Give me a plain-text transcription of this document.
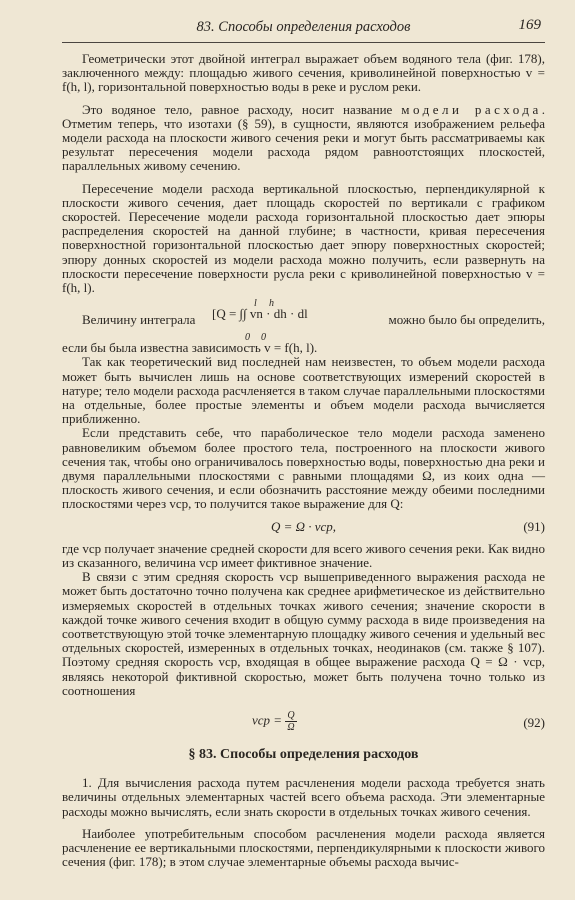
83. Способы определения расходов	169

Геометрически этот двойной интеграл выражает объем водяного тела (фиг. 178), заключенного между: площадью живого сечения, криволинейной поверхностью v = f(h, l), горизонтальной поверхностью воды в реке и руслом реки.

Это водяное тело, равное расходу, носит название модели расхода. Отметим теперь, что изотахи (§ 59), в сущности, являются изображением рельефа модели расхода на плоскости живого сечения реки и могут быть рассматриваемы как результат пересечения модели расхода рядом равноотстоящих плоскостей, параллельных живому сечению.

Пересечение модели расхода вертикальной плоскостью, перпендикулярной к плоскости живого сечения, дает площадь скоростей по вертикали с графиком скоростей. Пересечение модели расхода горизонтальной плоскостью дает эпюры распределения скоростей на данной глубине; в частности, кривая пересечения поверхностной горизонтальной плоскостью дает эпюру поверхностных скоростей; эпюру донных скоростей из модели расхода можно получить, если развернуть на плоскости пересечение поверхности русла реки с криволинейной поверхностью v = f(h, l).

Величину интеграла
l h
0 0
[Q = ∫∫ vn · dh · dl	можно было бы определить,

если бы была известна зависимость v = f(h, l).

Так как теоретический вид последней нам неизвестен, то объем модели расхода может быть вычислен лишь на основе соответствующих измерений скоростей в натуре; тело модели расхода расчленяется в таком случае параллельными плоскостями на отдельные, более простые элементы и объем модели расхода вычисляется приближенно.

Если представить себе, что параболическое тело модели расхода заменено равновеликим объемом более простого тела, построенного на плоскости живого сечения так, чтобы оно ограничивалось поверхностью воды, поверхностью дна реки и двумя параллельными плоскостями с равными площадями Ω, из коих одна — плоскость живого сечения, и если обозначить расстояние между обеими последними плоскостями через vср, то получится такое выражение для Q:

Q = Ω · vср,	(91)

где vср получает значение средней скорости для всего живого сечения реки. Как видно из сказанного, величина vср имеет фиктивное значение.

В связи с этим средняя скорость vср вышеприведенного выражения расхода не может быть достаточно точно получена как среднее арифметическое из действительно измеряемых скоростей в отдельных точках живого сечения; значение скорости в каждой точке живого сечения входит в общую сумму расхода в виде произведения на соответствующую этой точке элементарную площадку живого сечения и удельный вес отдельных скоростей, измеренных в отдельных точках, неодинаков (см. также § 107). Поэтому средняя скорость vср, входящая в общее выражение расхода Q = Ω · vср, являясь некоторой фиктивной скоростью, может быть получена точно только из соотношения

vср = $\frac{Q}{\Omega}$	(92)
§ 83. Способы определения расходов

1. Для вычисления расхода путем расчленения модели расхода требуется знать величины отдельных элементарных частей всего объема расхода. Эти элементарные расходы можно вычислять, если знать скорости в отдельных точках живого сечения.

Наиболее употребительным способом расчленения модели расхода является расчленение ее вертикальными плоскостями, перпендикулярными к плоскости живого сечения (фиг. 178); в этом случае элементарные объемы расхода вычис-
